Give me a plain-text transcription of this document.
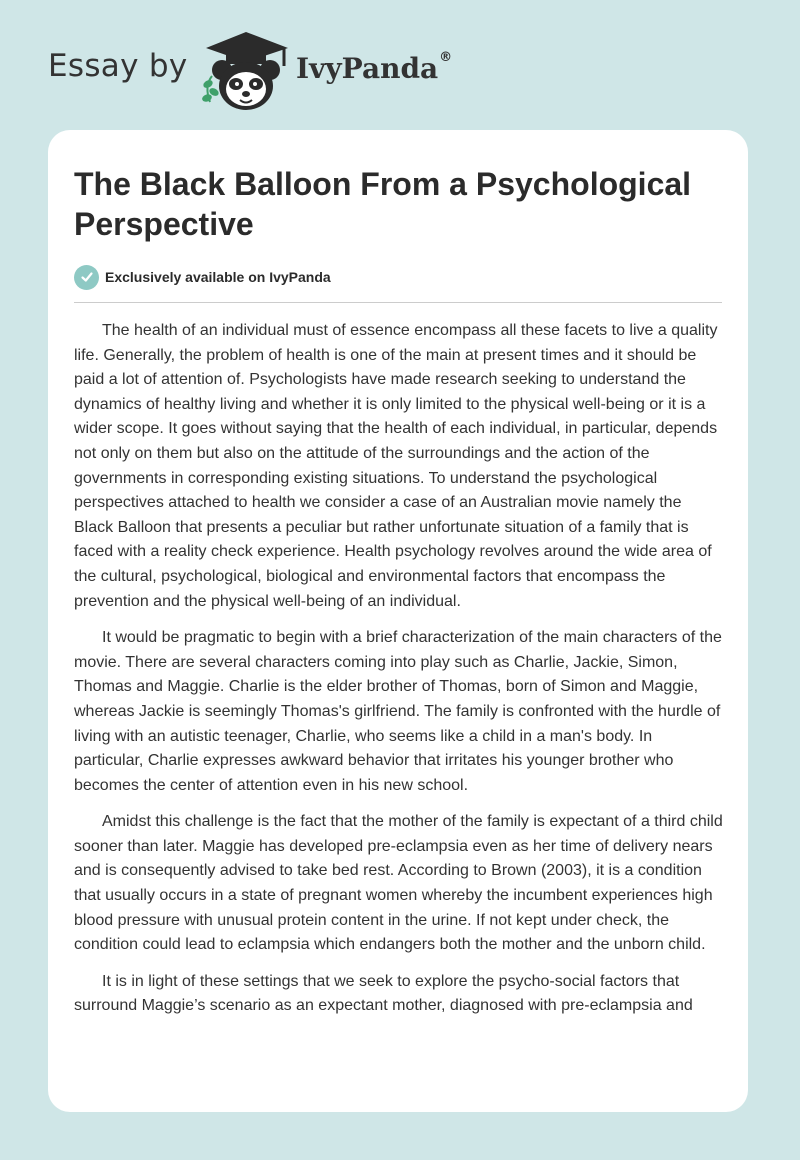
Essay by	IvyPanda®
The Black Balloon From a Psychological Perspective
Exclusively available on IvyPanda

The health of an individual must of essence encompass all these facets to live a quality life. Generally, the problem of health is one of the main at present times and it should be paid a lot of attention of. Psychologists have made research seeking to understand the dynamics of healthy living and whether it is only limited to the physical well-being or it is a wider scope. It goes without saying that the health of each individual, in particular, depends not only on them but also on the attitude of the surroundings and the action of the governments in corresponding existing situations. To understand the psychological perspectives attached to health we consider a case of an Australian movie namely the Black Balloon that presents a peculiar but rather unfortunate situation of a family that is faced with a reality check experience. Health psychology revolves around the wide area of the cultural, psychological, biological and environmental factors that encompass the prevention and the physical well-being of an individual.

It would be pragmatic to begin with a brief characterization of the main characters of the movie. There are several characters coming into play such as Charlie, Jackie, Simon, Thomas and Maggie. Charlie is the elder brother of Thomas, born of Simon and Maggie, whereas Jackie is seemingly Thomas's girlfriend. The family is confronted with the hurdle of living with an autistic teenager, Charlie, who seems like a child in a man's body. In particular, Charlie expresses awkward behavior that irritates his younger brother who becomes the center of attention even in his new school.

Amidst this challenge is the fact that the mother of the family is expectant of a third child sooner than later. Maggie has developed pre-eclampsia even as her time of delivery nears and is consequently advised to take bed rest. According to Brown (2003), it is a condition that usually occurs in a state of pregnant women whereby the incumbent experiences high blood pressure with unusual protein content in the urine. If not kept under check, the condition could lead to eclampsia which endangers both the mother and the unborn child.

It is in light of these settings that we seek to explore the psycho-social factors that surround Maggie’s scenario as an expectant mother, diagnosed with pre-eclampsia and
